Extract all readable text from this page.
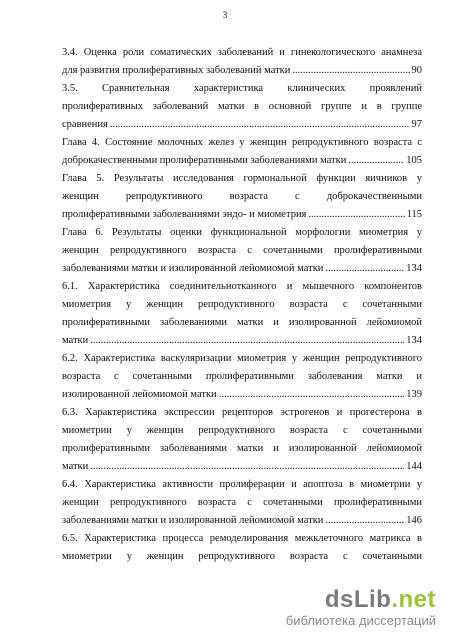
3
3.4. Оценка роли соматических заболеваний и гинекологического анамнеза
для развития пролиферативных заболеваний матки .....	90
3.5. Сравнительная характеристика клинических проявлений
пролиферативных заболеваний матки в основной группе и в группе
сравнения .....	97
Глава 4. Состояние молочных желез у женщин репродуктивного возраста с
доброкачественными пролиферативными заболеваниями матки .....	105
Глава 5. Результаты исследования гормональной функции яичников у
женщин репродуктивного возраста с доброкачественными
пролиферативными заболеваниями эндо- и миометрия .....	115
Глава 6. Результаты оценки функциональной морфологии миометрия у
женщин репродуктивного возраста с сочетанными пролиферативными
заболеваниями матки и изолированной лейомиомой матки .....	134
6.1. Характеристика соединительнотканного и мышечного компонентов
миометрия у женщин репродуктивного возраста с сочетанными
пролиферативными заболеваниями матки и изолированной лейомиомой
матки .....	134
6.2. Характеристика васкуляризации миометрия у женщин репродуктивного
возраста с сочетанными пролиферативными заболевания матки и
изолированной лейомиомой матки .....	139
6.3. Характеристика экспрессии рецепторов эстрогенов и прогестерона в
миометрии у женщин репродуктивного возраста с сочетанными
пролиферативными заболеваниями матки и изолированной лейомиомой
матки .....	144
6.4. Характеристика активности пролиферации и апоптоза в миометрии у
женщин репродуктивного возраста с сочетанными пролиферативными
заболеваниями матки и изолированной лейомиомой матки .....	146
6.5. Характеристика процесса ремоделирования межклеточного матрикса в
миометрии у женщин репродуктивного возраста с сочетанными
dsLib.net
библиотека диссертаций
